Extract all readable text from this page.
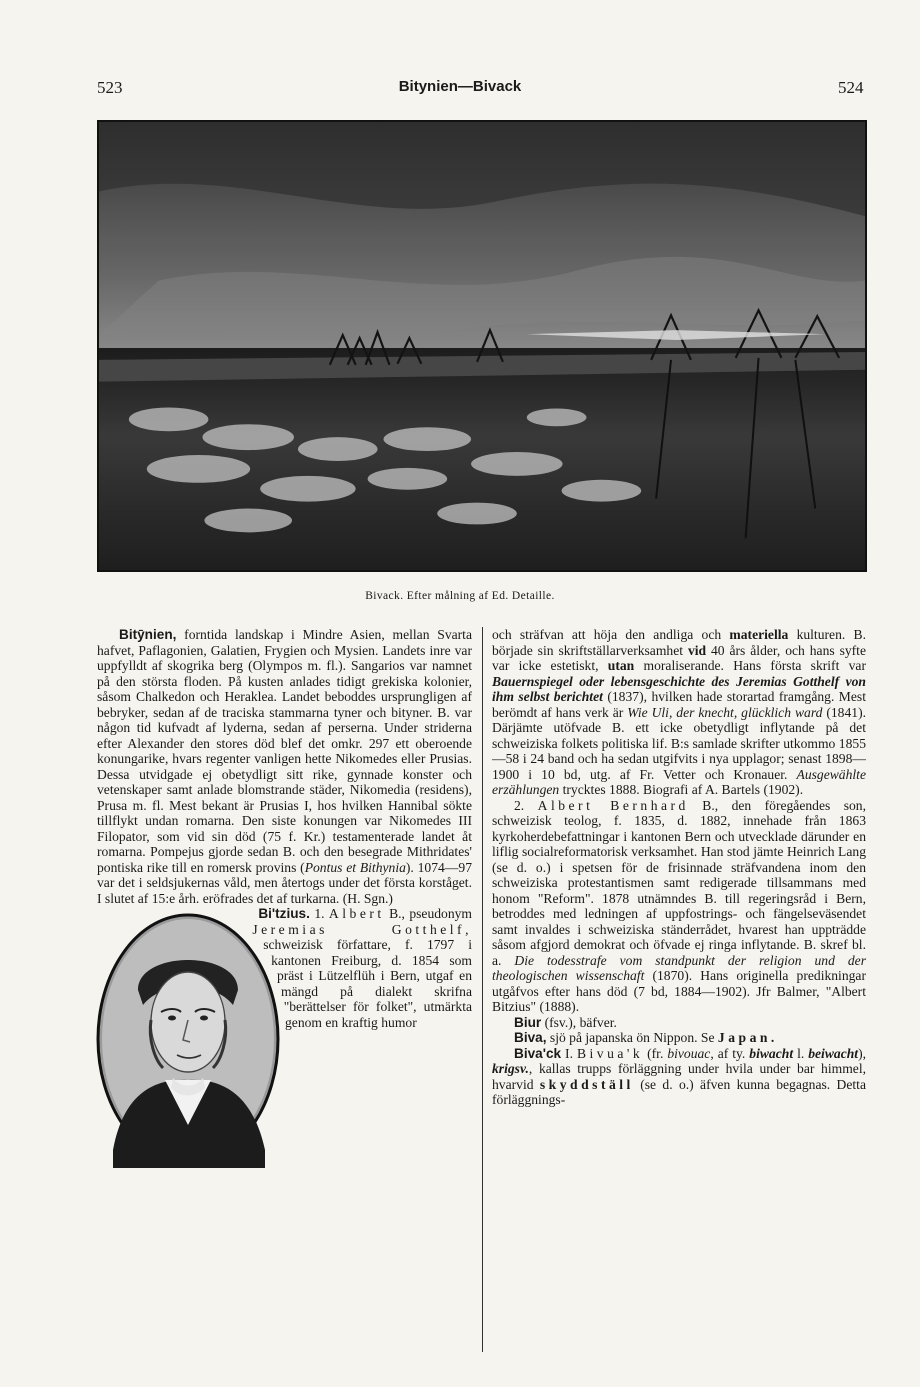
523	Bitynien—Bivack	524
Bivack. Efter målning af Ed. Detaille.

Bitӯnien, forntida landskap i Mindre Asien, mellan Svarta hafvet, Paflagonien, Galatien, Frygien och Mysien. Landets inre var uppfylldt af skogrika berg (Olympos m. fl.). Sangarios var namnet på den största floden. På kusten anlades tidigt grekiska kolonier, såsom Chalkedon och Heraklea. Landet beboddes ursprungligen af bebryker, sedan af de traciska stammarna tyner och bityner. B. var någon tid kufvadt af lyderna, sedan af perserna. Under striderna efter Alexander den stores död blef det omkr. 297 ett oberoende konungarike, hvars regenter vanligen hette Nikomedes eller Prusias. Dessa utvidgade ej obetydligt sitt rike, gynnade konster och vetenskaper samt anlade blomstrande städer, Nikomedia (residens), Prusa m. fl. Mest bekant är Prusias I, hos hvilken Hannibal sökte tillflykt undan romarna. Den siste konungen var Nikomedes III Filopator, som vid sin död (75 f. Kr.) testamenterade landet åt romarna. Pompejus gjorde sedan B. och den besegrade Mithridates' pontiska rike till en romersk provins (Pontus et Bithynia). 1074—97 var det i seldsjukernas våld, men återtogs under det första korståget. I slutet af 15:e årh. eröfrades det af turkarna. (H. Sgn.)

Bi'tzius. 1. Albert B., pseudonym Jeremias Gotthelf, schweizisk författare, f. 1797 i kantonen Freiburg, d. 1854 som präst i Lützelflüh i Bern, utgaf en mängd på dialekt skrifna "berättelser för folket", utmärkta genom en kraftig humor

och sträfvan att höja den andliga och materiella kulturen. B. började sin skriftställarverksamhet vid 40 års ålder, och hans syfte var icke estetiskt, utan moraliserande. Hans första skrift var Bauernspiegel oder lebensgeschichte des Jeremias Gotthelf von ihm selbst berichtet (1837), hvilken hade storartad framgång. Mest berömdt af hans verk är Wie Uli, der knecht, glücklich ward (1841). Därjämte utöfvade B. ett icke obetydligt inflytande på det schweiziska folkets politiska lif. B:s samlade skrifter utkommo 1855—58 i 24 band och ha sedan utgifvits i nya upplagor; senast 1898—1900 i 10 bd, utg. af Fr. Vetter och Kronauer. Ausgewählte erzählungen trycktes 1888. Biografi af A. Bartels (1902).

2. Albert Bernhard B., den föregåendes son, schweizisk teolog, f. 1835, d. 1882, innehade från 1863 kyrkoherdebefattningar i kantonen Bern och utvecklade därunder en liflig socialreformatorisk verksamhet. Han stod jämte Heinrich Lang (se d. o.) i spetsen för de frisinnade sträfvandena inom den schweiziska protestantismen samt redigerade tillsammans med honom "Reform". 1878 utnämndes B. till regeringsråd i Bern, betroddes med ledningen af uppfostrings- och fängelseväsendet samt invaldes i schweiziska ständerrådet, hvarest han uppträdde såsom afgjord demokrat och öfvade ej ringa inflytande. B. skref bl. a. Die todesstrafe vom standpunkt der religion und der theologischen wissenschaft (1870). Hans originella predikningar utgåfvos efter hans död (7 bd, 1884—1902). Jfr Balmer, "Albert Bitzius" (1888).

Biur (fsv.), bäfver.

Biva, sjö på japanska ön Nippon. Se Japan.

Biva'ck I. Bivua'k (fr. bivouac, af ty. biwacht l. beiwacht), krigsv., kallas trupps förläggning under hvila under bar himmel, hvarvid skyddställ (se d. o.) äfven kunna begagnas. Detta förläggnings-
